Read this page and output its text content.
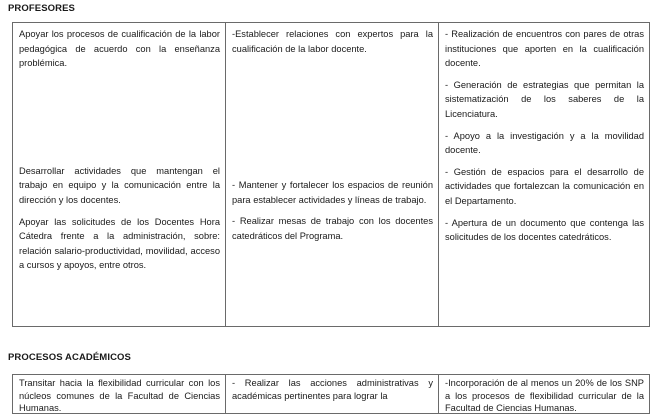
PROFESORES

Apoyar los procesos de cualificación de la labor pedagógica de acuerdo con la enseñanza problémica.

Desarrollar actividades que mantengan el trabajo en equipo y la comunicación entre la dirección y los docentes.

Apoyar las solicitudes de los Docentes Hora Cátedra frente a la administración, sobre: relación salario-productividad, movilidad, acceso a cursos y apoyos, entre otros.

-Establecer relaciones con expertos para la cualificación de la labor docente.

- Mantener y fortalecer los espacios de reunión para establecer actividades y líneas de trabajo.

- Realizar mesas de trabajo con los docentes catedráticos del Programa.

- Realización de encuentros con pares de otras instituciones que aporten en la cualificación docente.

- Generación de estrategias que permitan la sistematización de los saberes de la Licenciatura.

- Apoyo a la investigación y a la movilidad docente.

- Gestión de espacios para el desarrollo de actividades que fortalezcan la comunicación en el Departamento.

- Apertura de un documento que contenga las solicitudes de los docentes catedráticos.

PROCESOS ACADÉMICOS

Transitar hacia la flexibilidad curricular con los núcleos comunes de la Facultad de Ciencias Humanas.

- Realizar las acciones administrativas y académicas pertinentes para lograr la

-Incorporación de al menos un 20% de los SNP a los procesos de flexibilidad curricular de la Facultad de Ciencias Humanas.
